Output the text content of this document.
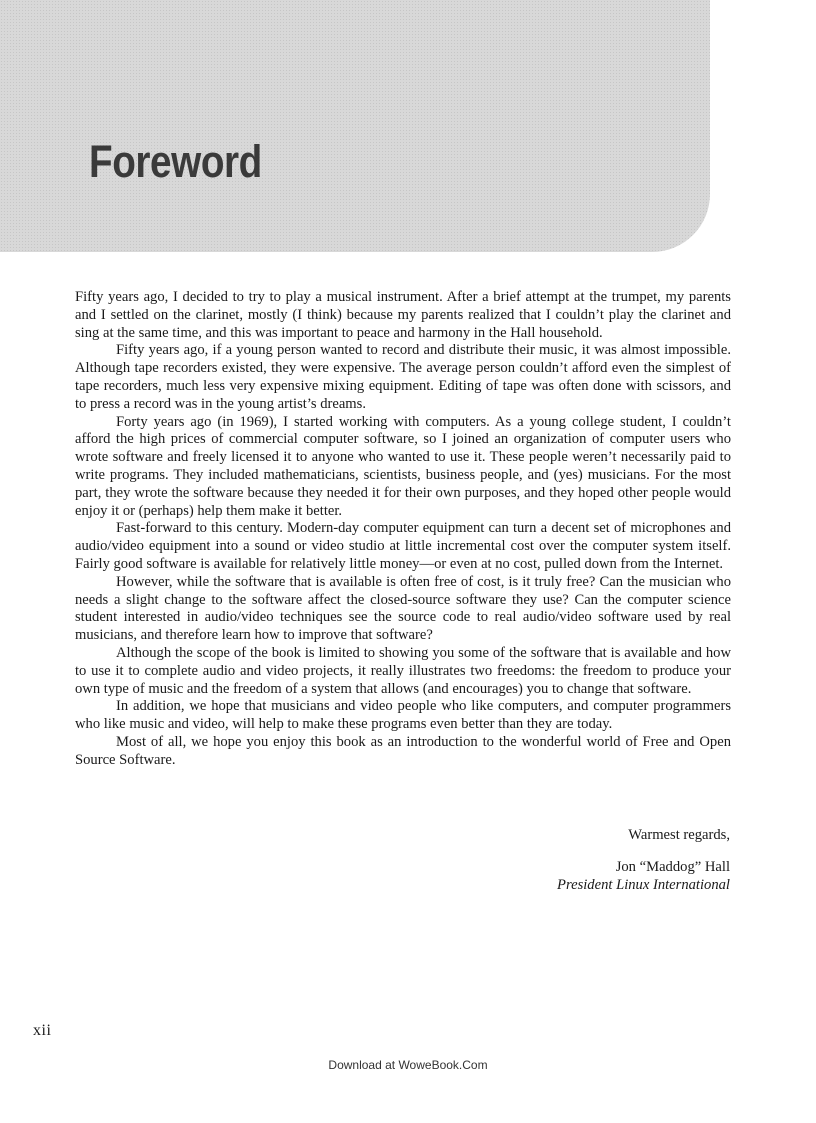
Foreword

Fifty years ago, I decided to try to play a musical instrument. After a brief attempt at the trumpet, my parents and I settled on the clarinet, mostly (I think) because my parents realized that I couldn’t play the clarinet and sing at the same time, and this was important to peace and harmony in the Hall household.

Fifty years ago, if a young person wanted to record and distribute their music, it was almost impossible. Although tape recorders existed, they were expensive. The average person couldn’t afford even the simplest of tape recorders, much less very expensive mixing equipment. Editing of tape was often done with scissors, and to press a record was in the young artist’s dreams.

Forty years ago (in 1969), I started working with computers. As a young college student, I couldn’t afford the high prices of commercial computer software, so I joined an organization of computer users who wrote software and freely licensed it to anyone who wanted to use it. These people weren’t necessarily paid to write programs. They included mathematicians, scientists, business people, and (yes) musicians. For the most part, they wrote the software because they needed it for their own purposes, and they hoped other people would enjoy it or (perhaps) help them make it better.

Fast-forward to this century. Modern-day computer equipment can turn a decent set of microphones and audio/video equipment into a sound or video studio at little incremental cost over the computer system itself. Fairly good software is available for relatively little money—or even at no cost, pulled down from the Internet.

However, while the software that is available is often free of cost, is it truly free? Can the musician who needs a slight change to the software affect the closed-source software they use? Can the computer science student interested in audio/video techniques see the source code to real audio/video software used by real musicians, and therefore learn how to improve that software?

Although the scope of the book is limited to showing you some of the software that is available and how to use it to complete audio and video projects, it really illustrates two freedoms: the freedom to produce your own type of music and the freedom of a system that allows (and encourages) you to change that software.

In addition, we hope that musicians and video people who like computers, and computer programmers who like music and video, will help to make these programs even better than they are today.

Most of all, we hope you enjoy this book as an introduction to the wonderful world of Free and Open Source Software.

Warmest regards,

Jon “Maddog” Hall

President Linux International

xii
Download at WoweBook.Com
